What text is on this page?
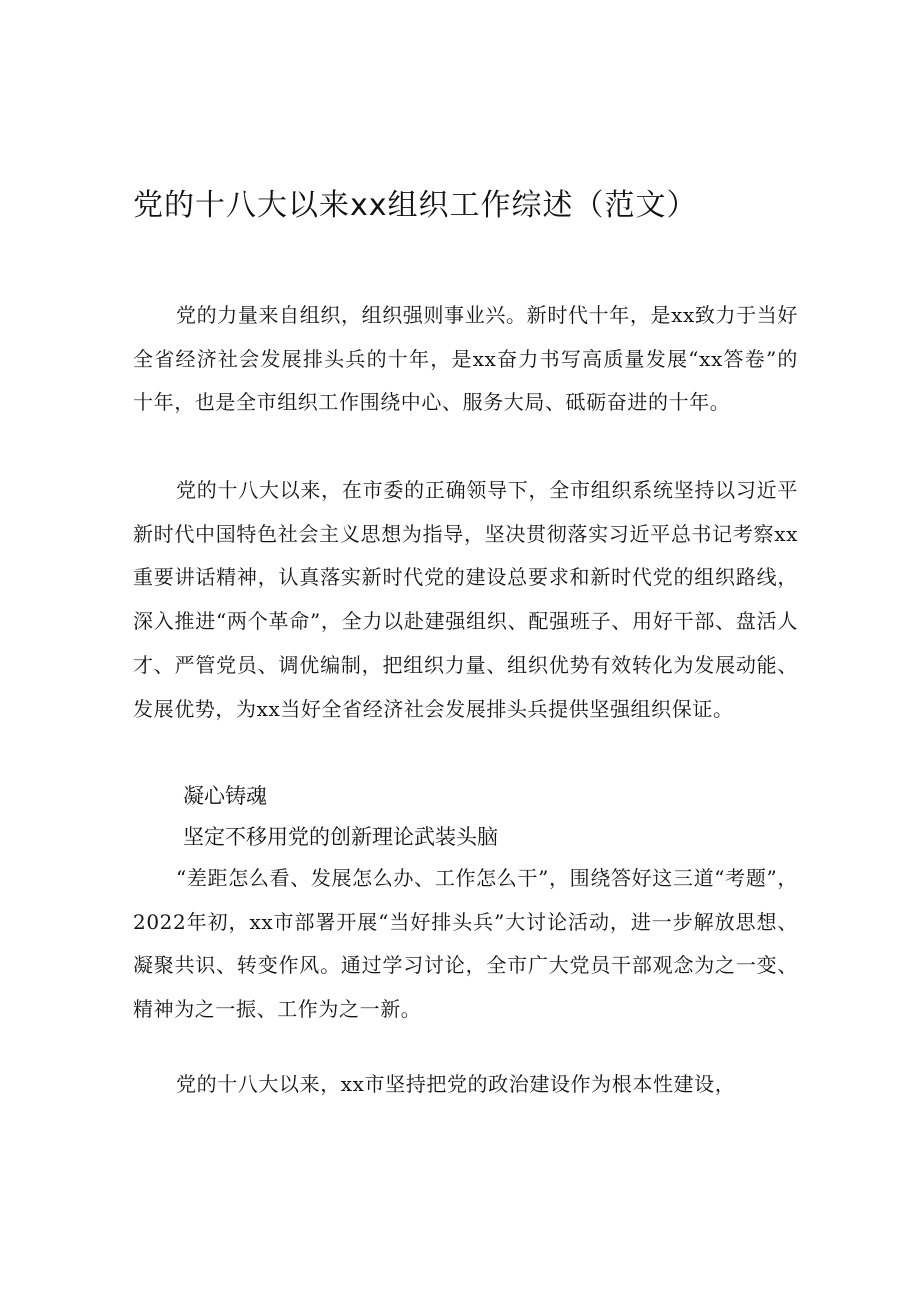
党的十八大以来xx组织工作综述（范文）

党的力量来自组织，组织强则事业兴。新时代十年，是xx致力于当好全省经济社会发展排头兵的十年，是xx奋力书写高质量发展“xx答卷”的十年，也是全市组织工作围绕中心、服务大局、砥砺奋进的十年。

党的十八大以来，在市委的正确领导下，全市组织系统坚持以习近平新时代中国特色社会主义思想为指导，坚决贯彻落实习近平总书记考察xx重要讲话精神，认真落实新时代党的建设总要求和新时代党的组织路线，深入推进“两个革命”，全力以赴建强组织、配强班子、用好干部、盘活人才、严管党员、调优编制，把组织力量、组织优势有效转化为发展动能、发展优势，为xx当好全省经济社会发展排头兵提供坚强组织保证。

凝心铸魂
坚定不移用党的创新理论武装头脑

“差距怎么看、发展怎么办、工作怎么干”，围绕答好这三道“考题”，2022年初，xx市部署开展“当好排头兵”大讨论活动，进一步解放思想、凝聚共识、转变作风。通过学习讨论，全市广大党员干部观念为之一变、精神为之一振、工作为之一新。

党的十八大以来，xx市坚持把党的政治建设作为根本性建设，
